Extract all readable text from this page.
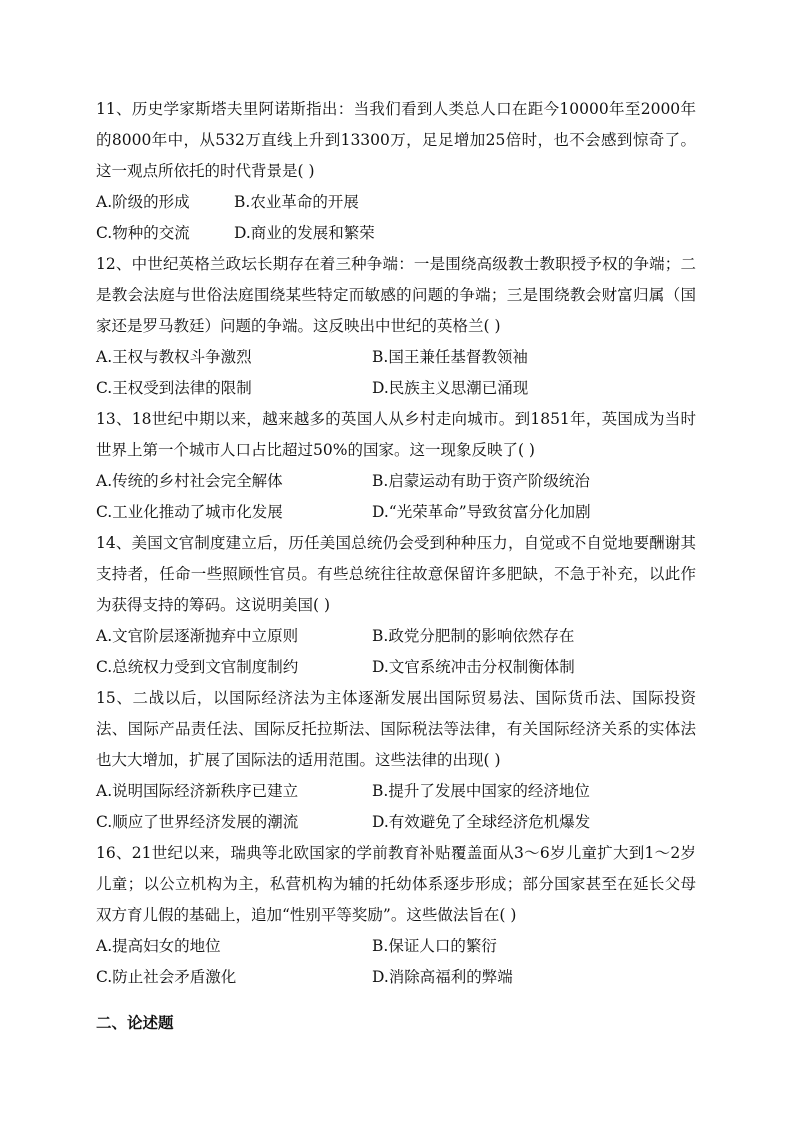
11、历史学家斯塔夫里阿诺斯指出：当我们看到人类总人口在距今10000年至2000年的8000年中，从532万直线上升到13300万，足足增加25倍时，也不会感到惊奇了。这一观点所依托的时代背景是( )

A.阶级的形成	B.农业革命的开展
C.物种的交流	D.商业的发展和繁荣

12、中世纪英格兰政坛长期存在着三种争端：一是围绕高级教士教职授予权的争端；二是教会法庭与世俗法庭围绕某些特定而敏感的问题的争端；三是围绕教会财富归属（国家还是罗马教廷）问题的争端。这反映出中世纪的英格兰( )

A.王权与教权斗争激烈	B.国王兼任基督教领袖
C.王权受到法律的限制	D.民族主义思潮已涌现

13、18世纪中期以来，越来越多的英国人从乡村走向城市。到1851年，英国成为当时世界上第一个城市人口占比超过50%的国家。这一现象反映了( )

A.传统的乡村社会完全解体	B.启蒙运动有助于资产阶级统治
C.工业化推动了城市化发展	D.“光荣革命”导致贫富分化加剧

14、美国文官制度建立后，历任美国总统仍会受到种种压力，自觉或不自觉地要酬谢其支持者，任命一些照顾性官员。有些总统往往故意保留许多肥缺，不急于补充，以此作为获得支持的筹码。这说明美国( )

A.文官阶层逐渐抛弃中立原则	B.政党分肥制的影响依然存在
C.总统权力受到文官制度制约	D.文官系统冲击分权制衡体制

15、二战以后，以国际经济法为主体逐渐发展出国际贸易法、国际货币法、国际投资法、国际产品责任法、国际反托拉斯法、国际税法等法律，有关国际经济关系的实体法也大大增加，扩展了国际法的适用范围。这些法律的出现( )

A.说明国际经济新秩序已建立	B.提升了发展中国家的经济地位
C.顺应了世界经济发展的潮流	D.有效避免了全球经济危机爆发

16、21世纪以来，瑞典等北欧国家的学前教育补贴覆盖面从3～6岁儿童扩大到1～2岁儿童；以公立机构为主，私营机构为辅的托幼体系逐步形成；部分国家甚至在延长父母双方育儿假的基础上，追加“性别平等奖励”。这些做法旨在( )

A.提高妇女的地位	B.保证人口的繁衍
C.防止社会矛盾激化	D.消除高福利的弊端
二、论述题
